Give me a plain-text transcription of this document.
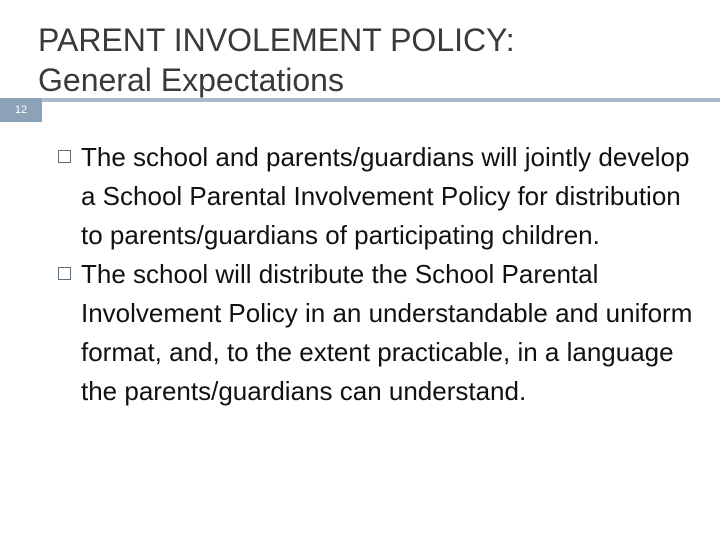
12
PARENT INVOLEMENT POLICY:
General Expectations
The school and parents/guardians will jointly develop a School Parental Involvement Policy for distribution to parents/guardians of participating children.
The school will distribute the School Parental Involvement Policy in an understandable and uniform format, and, to the extent practicable, in a language the parents/guardians can understand.
